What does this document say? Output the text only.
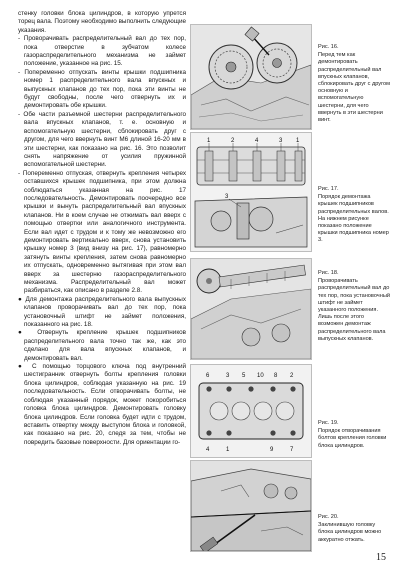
стенку головки блока цилиндров, в которую упрется торец вала. Поэтому необходимо выполнить следующие указания.

- Проворачивать распределительный вал до тех пор, пока отверстие в зубчатом колесе газораспределительного механизма не займет положение, указанное на рис. 15.

- Попеременно отпускать винты крышки подшипника номер 1 распределительного вала впускных и выпускных клапанов до тех пор, пока эти винты не будут свободны, после чего отвернуть их и демонтировать обе крышки.

- Обе части разъемной шестерни распределительного вала впускных клапанов, т. е. основную и вспомогательную шестерни, сблокировать друг с другом, для чего ввернуть винт M6 длиной 16-20 мм в эти шестерни, как показано на рис. 16. Это позволит снять напряжение от усилия пружинной вспомогательной шестерни.

- Попеременно отпуская, отвернуть крепления четырех оставшихся крышек подшипника, при этом должна соблюдаться указанная на рис. 17 последовательность. Демонтировать поочередно все крышки и вынуть распределительный вал впускных клапанов. Ни в коем случае не отжимать вал вверх с помощью отвертки или аналогичного инструмента. Если вал идет с трудом и к тому же невозможно его демонтировать вертикально вверх, снова установить крышку номер 3 (вид внизу на рис. 17), равномерно затянуть винты крепления, затем снова равномерно их отпускать, одновременно вытягивая при этом вал вверх за шестерню газораспределительного механизма. Распределительный вал может разбираться, как описано в разделе 2.8.

● Для демонтажа распределительного вала выпускных клапанов проворачивать вал до тех пор, пока установочный штифт не займет положения, показанного на рис. 18.

● Отвернуть крепление крышек подшипников распределительного вала точно так же, как это сделано для вала впускных клапанов, и демонтировать вал.

● С помощью торцового ключа под внутренний шестигранник отвернуть болты крепления головки блока цилиндров, соблюдая указанную на рис. 19 последовательность. Если отворачивать болты, не соблюдая указанный порядок, может покоробиться головка блока цилиндров. Демонтировать головку блока цилиндров. Если головка будет идти с трудом, вставить отвертку между выступом блока и головкой, как показано на рис. 20, следя за тем, чтобы не повредить базовые поверхности. Для ориентации го-

Рис. 16.
Перед тем как демонтировать распределительный вал впускных клапанов, сблокировать друг с другом основную и вспомогательную шестерни, для чего ввернуть в эти шестерни винт.
1	2	4	3 1
3
Рис. 17.
Порядок демонтажа крышек подшипников распределительных валов. На нижнем рисунке показано положение крышки подшипника номер 3.
Рис. 18.
Проворачивать распределительный вал до тех пор, пока установочный штифт не займет указанного положения. Лишь после этого возможен демонтаж распределительного вала выпускных клапанов.
6	3 5 10 8 2
4	1	9	7
Рис. 19.
Порядок отворачивания болтов крепления головки блока цилиндров.
Рис. 20.
Заклинившую головку блока цилиндров можно аккуратно отжать.
15
